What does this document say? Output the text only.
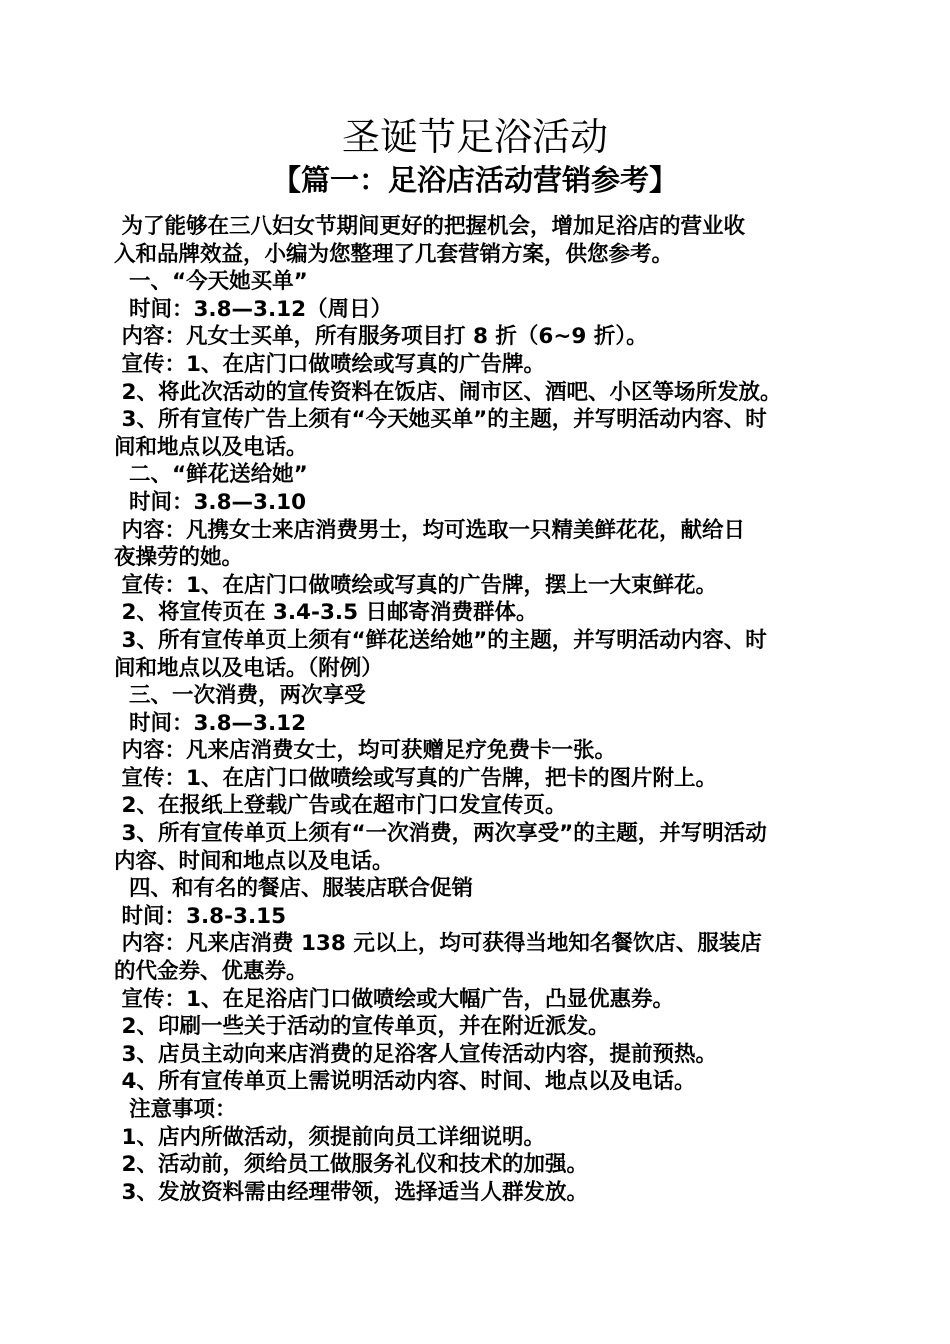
圣诞节足浴活动
【篇一：足浴店活动营销参考】
为了能够在三八妇女节期间更好的把握机会，增加足浴店的营业收
入和品牌效益，小编为您整理了几套营销方案，供您参考。
一、“今天她买单”
时间：3.8—3.12（周日）
内容：凡女士买单，所有服务项目打 8 折（6~9 折）。
宣传：1、在店门口做喷绘或写真的广告牌。
2、将此次活动的宣传资料在饭店、闹市区、酒吧、小区等场所发放。
3、所有宣传广告上须有“今天她买单”的主题，并写明活动内容、时
间和地点以及电话。
二、“鲜花送给她”
时间：3.8—3.10
内容：凡携女士来店消费男士，均可选取一只精美鲜花花，献给日
夜操劳的她。
宣传：1、在店门口做喷绘或写真的广告牌，摆上一大束鲜花。
2、将宣传页在 3.4-3.5 日邮寄消费群体。
3、所有宣传单页上须有“鲜花送给她”的主题，并写明活动内容、时
间和地点以及电话。（附例）
三、一次消费，两次享受
时间：3.8—3.12
内容：凡来店消费女士，均可获赠足疗免费卡一张。
宣传：1、在店门口做喷绘或写真的广告牌，把卡的图片附上。
2、在报纸上登载广告或在超市门口发宣传页。
3、所有宣传单页上须有“一次消费，两次享受”的主题，并写明活动
内容、时间和地点以及电话。
四、和有名的餐店、服装店联合促销
时间：3.8-3.15
内容：凡来店消费 138 元以上，均可获得当地知名餐饮店、服装店
的代金券、优惠券。
宣传：1、在足浴店门口做喷绘或大幅广告，凸显优惠券。
2、印刷一些关于活动的宣传单页，并在附近派发。
3、店员主动向来店消费的足浴客人宣传活动内容，提前预热。
4、所有宣传单页上需说明活动内容、时间、地点以及电话。
注意事项：
1、店内所做活动，须提前向员工详细说明。
2、活动前，须给员工做服务礼仪和技术的加强。
3、发放资料需由经理带领，选择适当人群发放。
